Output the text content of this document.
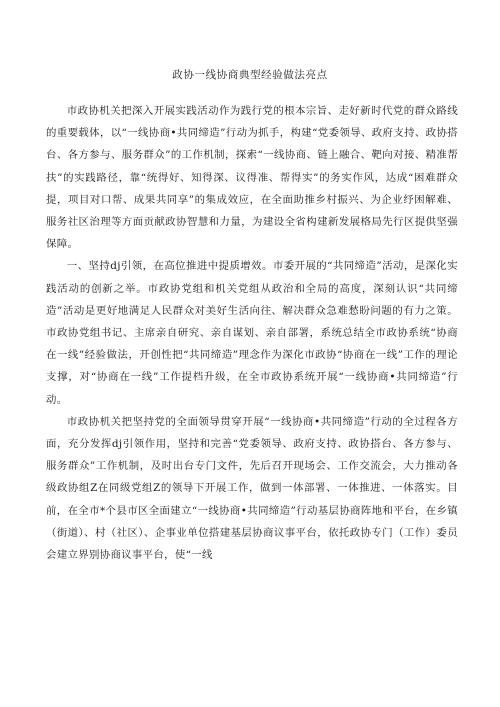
政协一线协商典型经验做法亮点

市政协机关把深入开展实践活动作为践行党的根本宗旨、走好新时代党的群众路线的重要载体，以“一线协商•共同缔造”行动为抓手，构建“党委领导、政府支持、政协搭台、各方参与、服务群众”的工作机制，探索“一线协商、链上融合、靶向对接、精准帮扶”的实践路径，靠“统得好、知得深、议得准、帮得实”的务实作风，达成“困难群众提，项目对口帮、成果共同享”的集成效应，在全面助推乡村振兴、为企业纾困解难、服务社区治理等方面贡献政协智慧和力量，为建设全省构建新发展格局先行区提供坚强保障。

一、坚持dj引领，在高位推进中提质增效。市委开展的“共同缔造”活动，是深化实践活动的创新之举。市政协党组和机关党组从政治和全局的高度，深刻认识“共同缔造”活动是更好地满足人民群众对美好生活向往、解决群众急难愁盼问题的有力之策。市政协党组书记、主席亲自研究、亲自谋划、亲自部署，系统总结全市政协系统“协商在一线”经验做法，开创性把“共同缔造”理念作为深化市政协“协商在一线”工作的理论支撑，对“协商在一线”工作提档升级，在全市政协系统开展“一线协商•共同缔造”行动。

市政协机关把坚持党的全面领导贯穿开展“一线协商•共同缔造”行动的全过程各方面，充分发挥dj引领作用，坚持和完善“党委领导、政府支持、政协搭台、各方参与、服务群众”工作机制，及时出台专门文件，先后召开现场会、工作交流会，大力推动各级政协组Z在同级党组Z的领导下开展工作，做到一体部署、一体推进、一体落实。目前，在全市*个县市区全面建立“一线协商•共同缔造”行动基层协商阵地和平台，在乡镇（街道）、村（社区）、企事业单位搭建基层协商议事平台，依托政协专门（工作）委员会建立界别协商议事平台，使“一线
